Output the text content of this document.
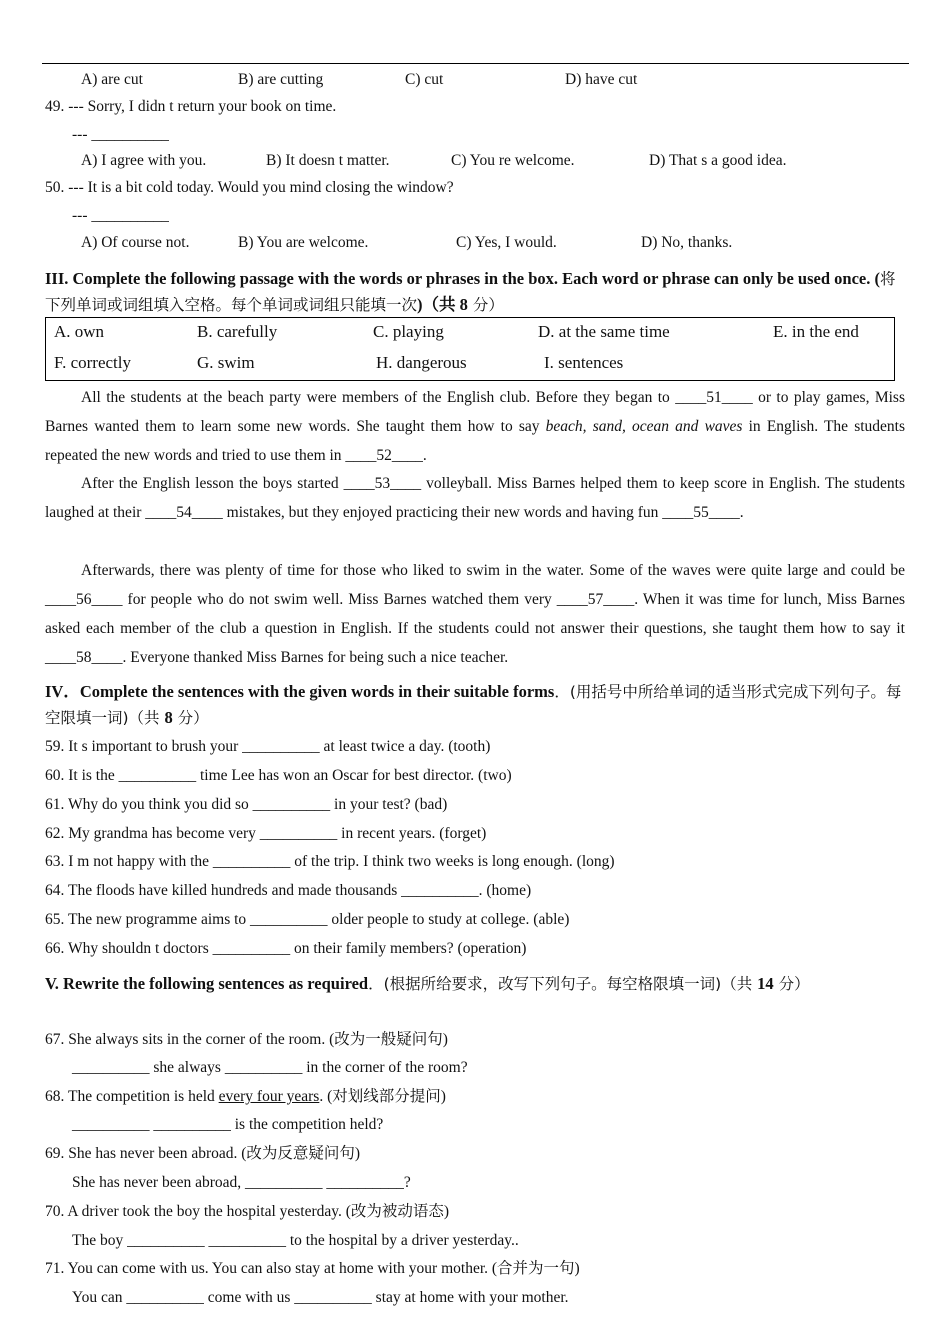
A) are cut	B) are cutting	C) cut	D) have cut
49. --- Sorry, I didn t return your book on time.
--- __________
A) I agree with you.	B) It doesn t matter.	C) You re welcome.	D) That s a good idea.
50. --- It is a bit cold today. Would you mind closing the window?
--- __________
A) Of course not.	B) You are welcome.	C) Yes, I would.	D) No, thanks.
III. Complete the following passage with the words or phrases in the box. Each word or phrase can only be used once. (将下列单词或词组填入空格。每个单词或词组只能填一次)（共 8 分）
A. own	B. carefully	C. playing	D. at the same time	E. in the end
F. correctly	G. swim	H. dangerous	I. sentences
All the students at the beach party were members of the English club. Before they began to ____51____ or to play games, Miss Barnes wanted them to learn some new words. She taught them how to say beach, sand, ocean and waves in English. The students repeated the new words and tried to use them in ____52____.
After the English lesson the boys started ____53____ volleyball. Miss Barnes helped them to keep score in English. The students laughed at their ____54____ mistakes, but they enjoyed practicing their new words and having fun ____55____.
Afterwards, there was plenty of time for those who liked to swim in the water. Some of the waves were quite large and could be ____56____ for people who do not swim well. Miss Barnes watched them very ____57____. When it was time for lunch, Miss Barnes asked each member of the club a question in English. If the students could not answer their questions, she taught them how to say it ____58____. Everyone thanked Miss Barnes for being such a nice teacher.
IV．Complete the sentences with the given words in their suitable forms．(用括号中所给单词的适当形式完成下列句子。每空限填一词)（共 8 分）
59. It s important to brush your __________ at least twice a day. (tooth)
60. It is the __________ time Lee has won an Oscar for best director. (two)
61. Why do you think you did so __________ in your test? (bad)
62. My grandma has become very __________ in recent years. (forget)
63. I m not happy with the __________ of the trip. I think two weeks is long enough. (long)
64. The floods have killed hundreds and made thousands __________. (home)
65. The new programme aims to __________ older people to study at college. (able)
66. Why shouldn t doctors __________ on their family members? (operation)
V. Rewrite the following sentences as required．(根据所给要求，改写下列句子。每空格限填一词)（共 14 分）
67. She always sits in the corner of the room. (改为一般疑问句)
__________ she always __________ in the corner of the room?
68. The competition is held every four years. (对划线部分提问)
__________ __________ is the competition held?
69. She has never been abroad. (改为反意疑问句)
She has never been abroad, __________ __________?
70. A driver took the boy the hospital yesterday. (改为被动语态)
The boy __________ __________ to the hospital by a driver yesterday..
71. You can come with us. You can also stay at home with your mother. (合并为一句)
You can __________ come with us __________ stay at home with your mother.
